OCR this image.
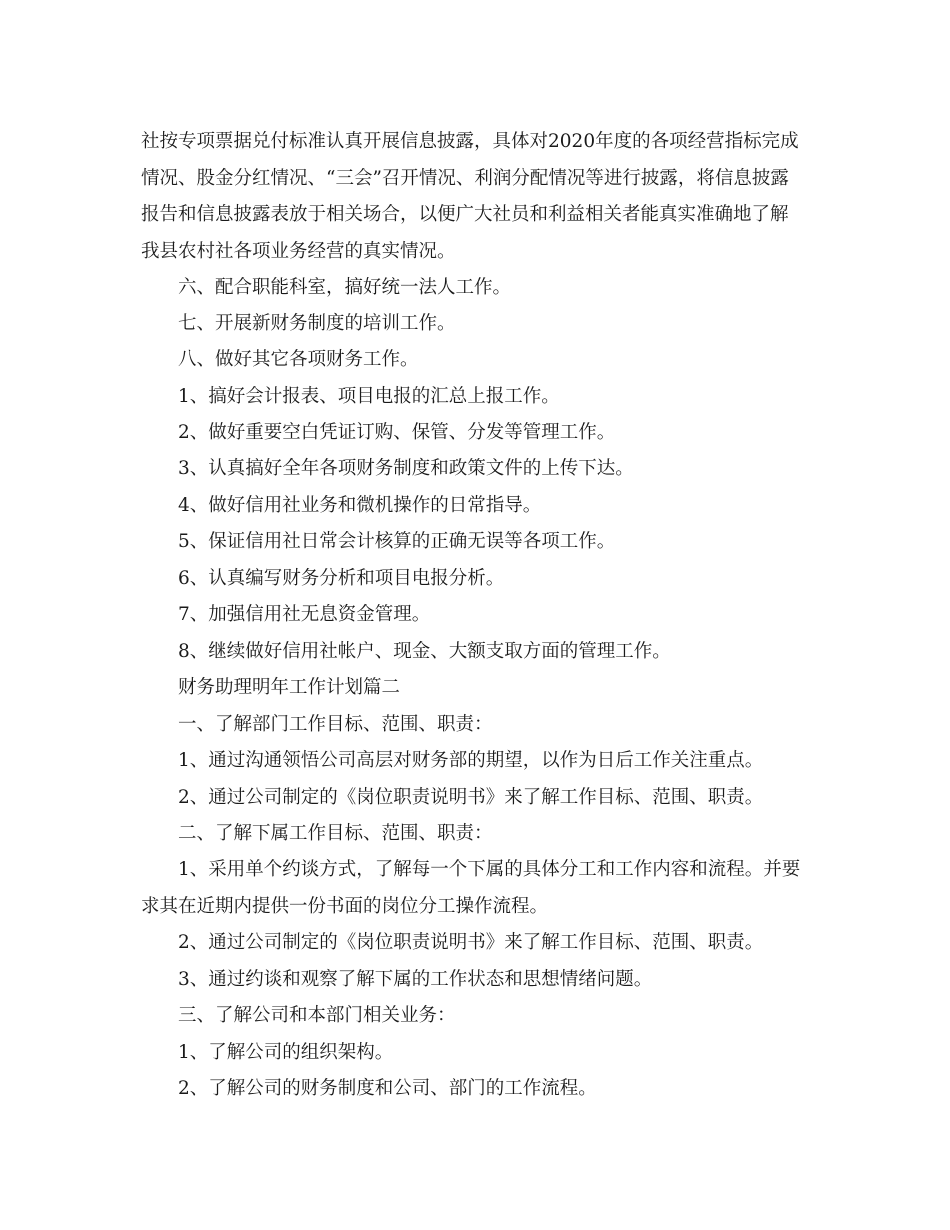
社按专项票据兑付标准认真开展信息披露，具体对2020年度的各项经营指标完成
情况、股金分红情况、“三会”召开情况、利润分配情况等进行披露，将信息披露
报告和信息披露表放于相关场合，以便广大社员和利益相关者能真实准确地了解
我县农村社各项业务经营的真实情况。

六、配合职能科室，搞好统一法人工作。

七、开展新财务制度的培训工作。

八、做好其它各项财务工作。

1、搞好会计报表、项目电报的汇总上报工作。

2、做好重要空白凭证订购、保管、分发等管理工作。

3、认真搞好全年各项财务制度和政策文件的上传下达。

4、做好信用社业务和微机操作的日常指导。

5、保证信用社日常会计核算的正确无误等各项工作。

6、认真编写财务分析和项目电报分析。

7、加强信用社无息资金管理。

8、继续做好信用社帐户、现金、大额支取方面的管理工作。

财务助理明年工作计划篇二

一、了解部门工作目标、范围、职责：

1、通过沟通领悟公司高层对财务部的期望，以作为日后工作关注重点。

2、通过公司制定的《岗位职责说明书》来了解工作目标、范围、职责。

二、了解下属工作目标、范围、职责：

1、采用单个约谈方式，了解每一个下属的具体分工和工作内容和流程。并要
求其在近期内提供一份书面的岗位分工操作流程。

2、通过公司制定的《岗位职责说明书》来了解工作目标、范围、职责。

3、通过约谈和观察了解下属的工作状态和思想情绪问题。

三、了解公司和本部门相关业务：

1、了解公司的组织架构。

2、了解公司的财务制度和公司、部门的工作流程。
